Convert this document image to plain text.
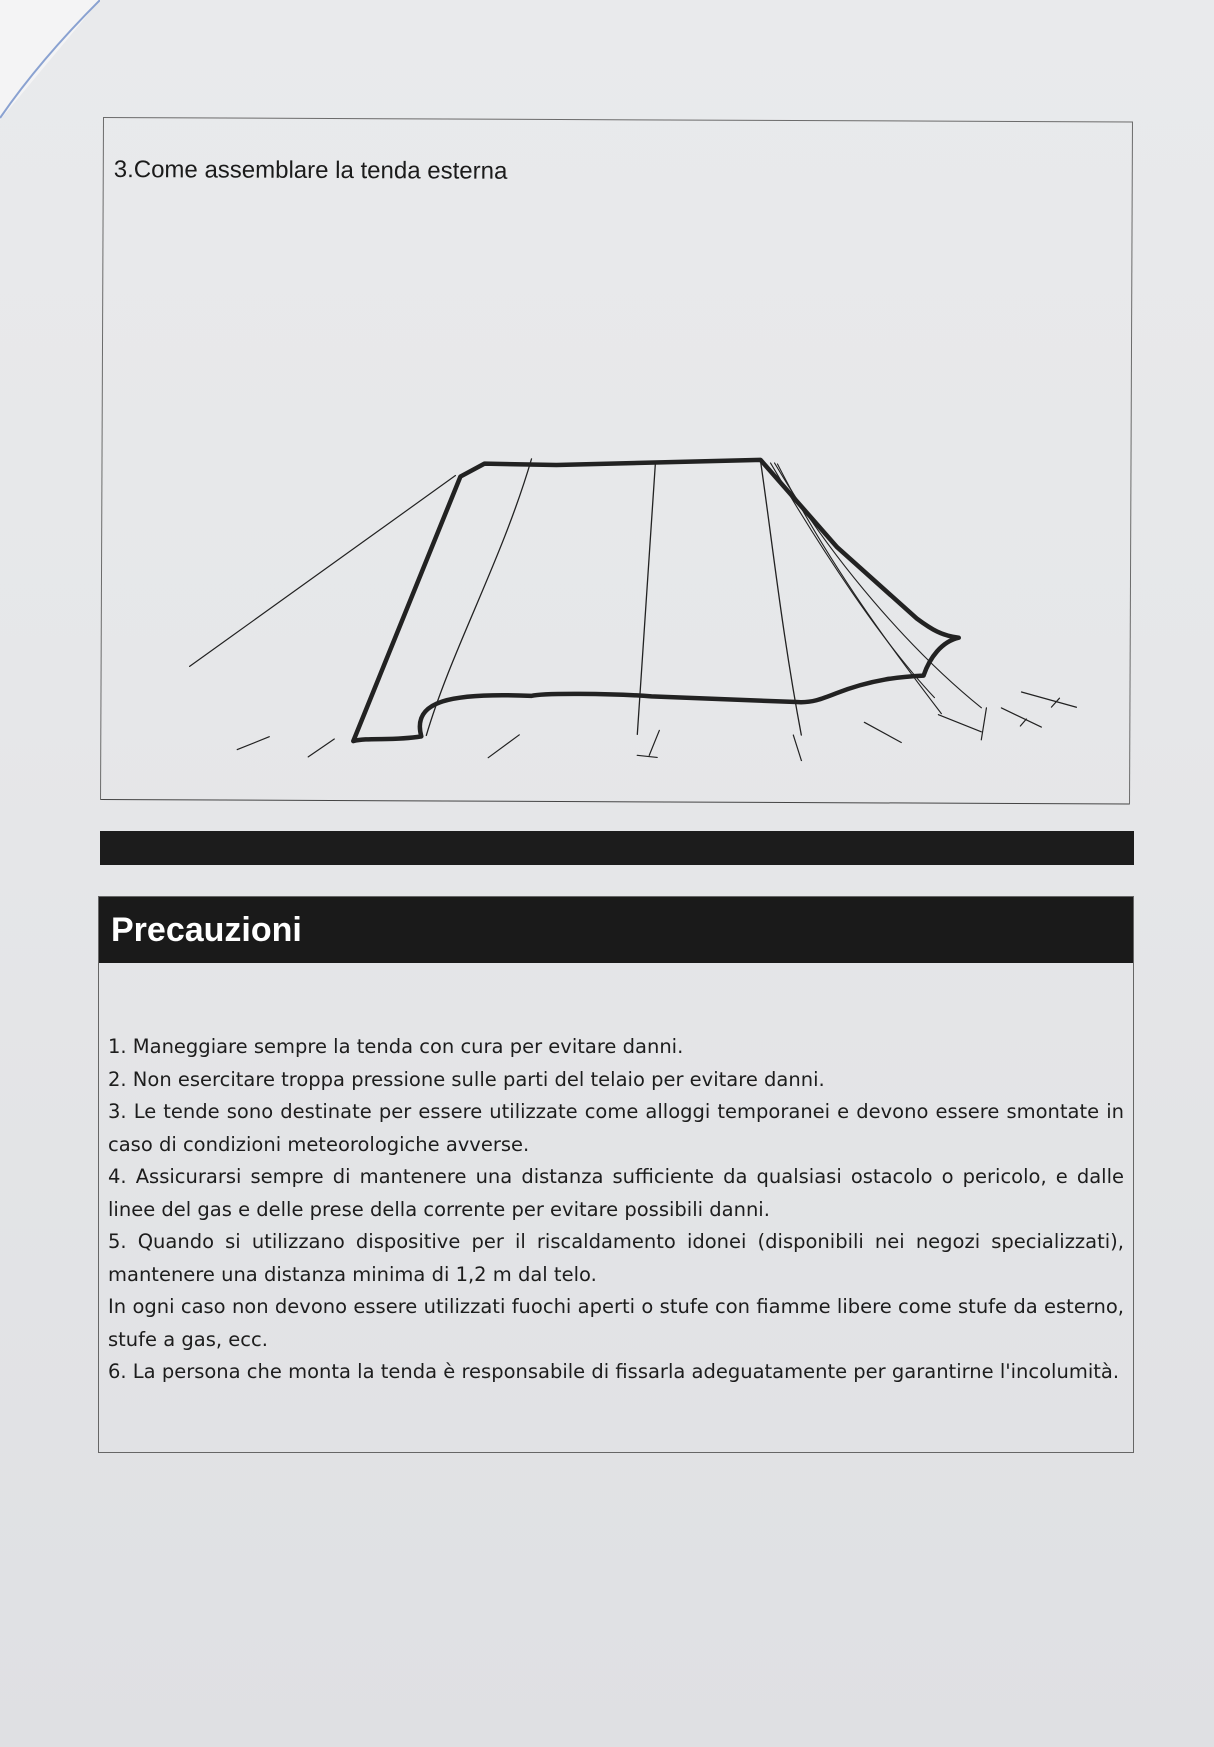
3.Come assemblare la tenda esterna
Precauzioni

1. Maneggiare sempre la tenda con cura per evitare danni.

2. Non esercitare troppa pressione sulle parti del telaio per evitare danni.

3. Le tende sono destinate per essere utilizzate come alloggi temporanei e devono essere smontate in caso di condizioni meteorologiche avverse.

4. Assicurarsi sempre di mantenere una distanza sufficiente da qualsiasi ostacolo o pericolo, e dalle linee del gas e delle prese della corrente per evitare possibili danni.

5. Quando si utilizzano dispositive per il riscaldamento idonei (disponibili nei negozi specializzati), mantenere una distanza minima di 1,2 m dal telo.

In ogni caso non devono essere utilizzati fuochi aperti o stufe con fiamme libere come stufe da esterno, stufe a gas, ecc.

6. La persona che monta la tenda è responsabile di fissarla adeguatamente per garantirne l'incolumità.
